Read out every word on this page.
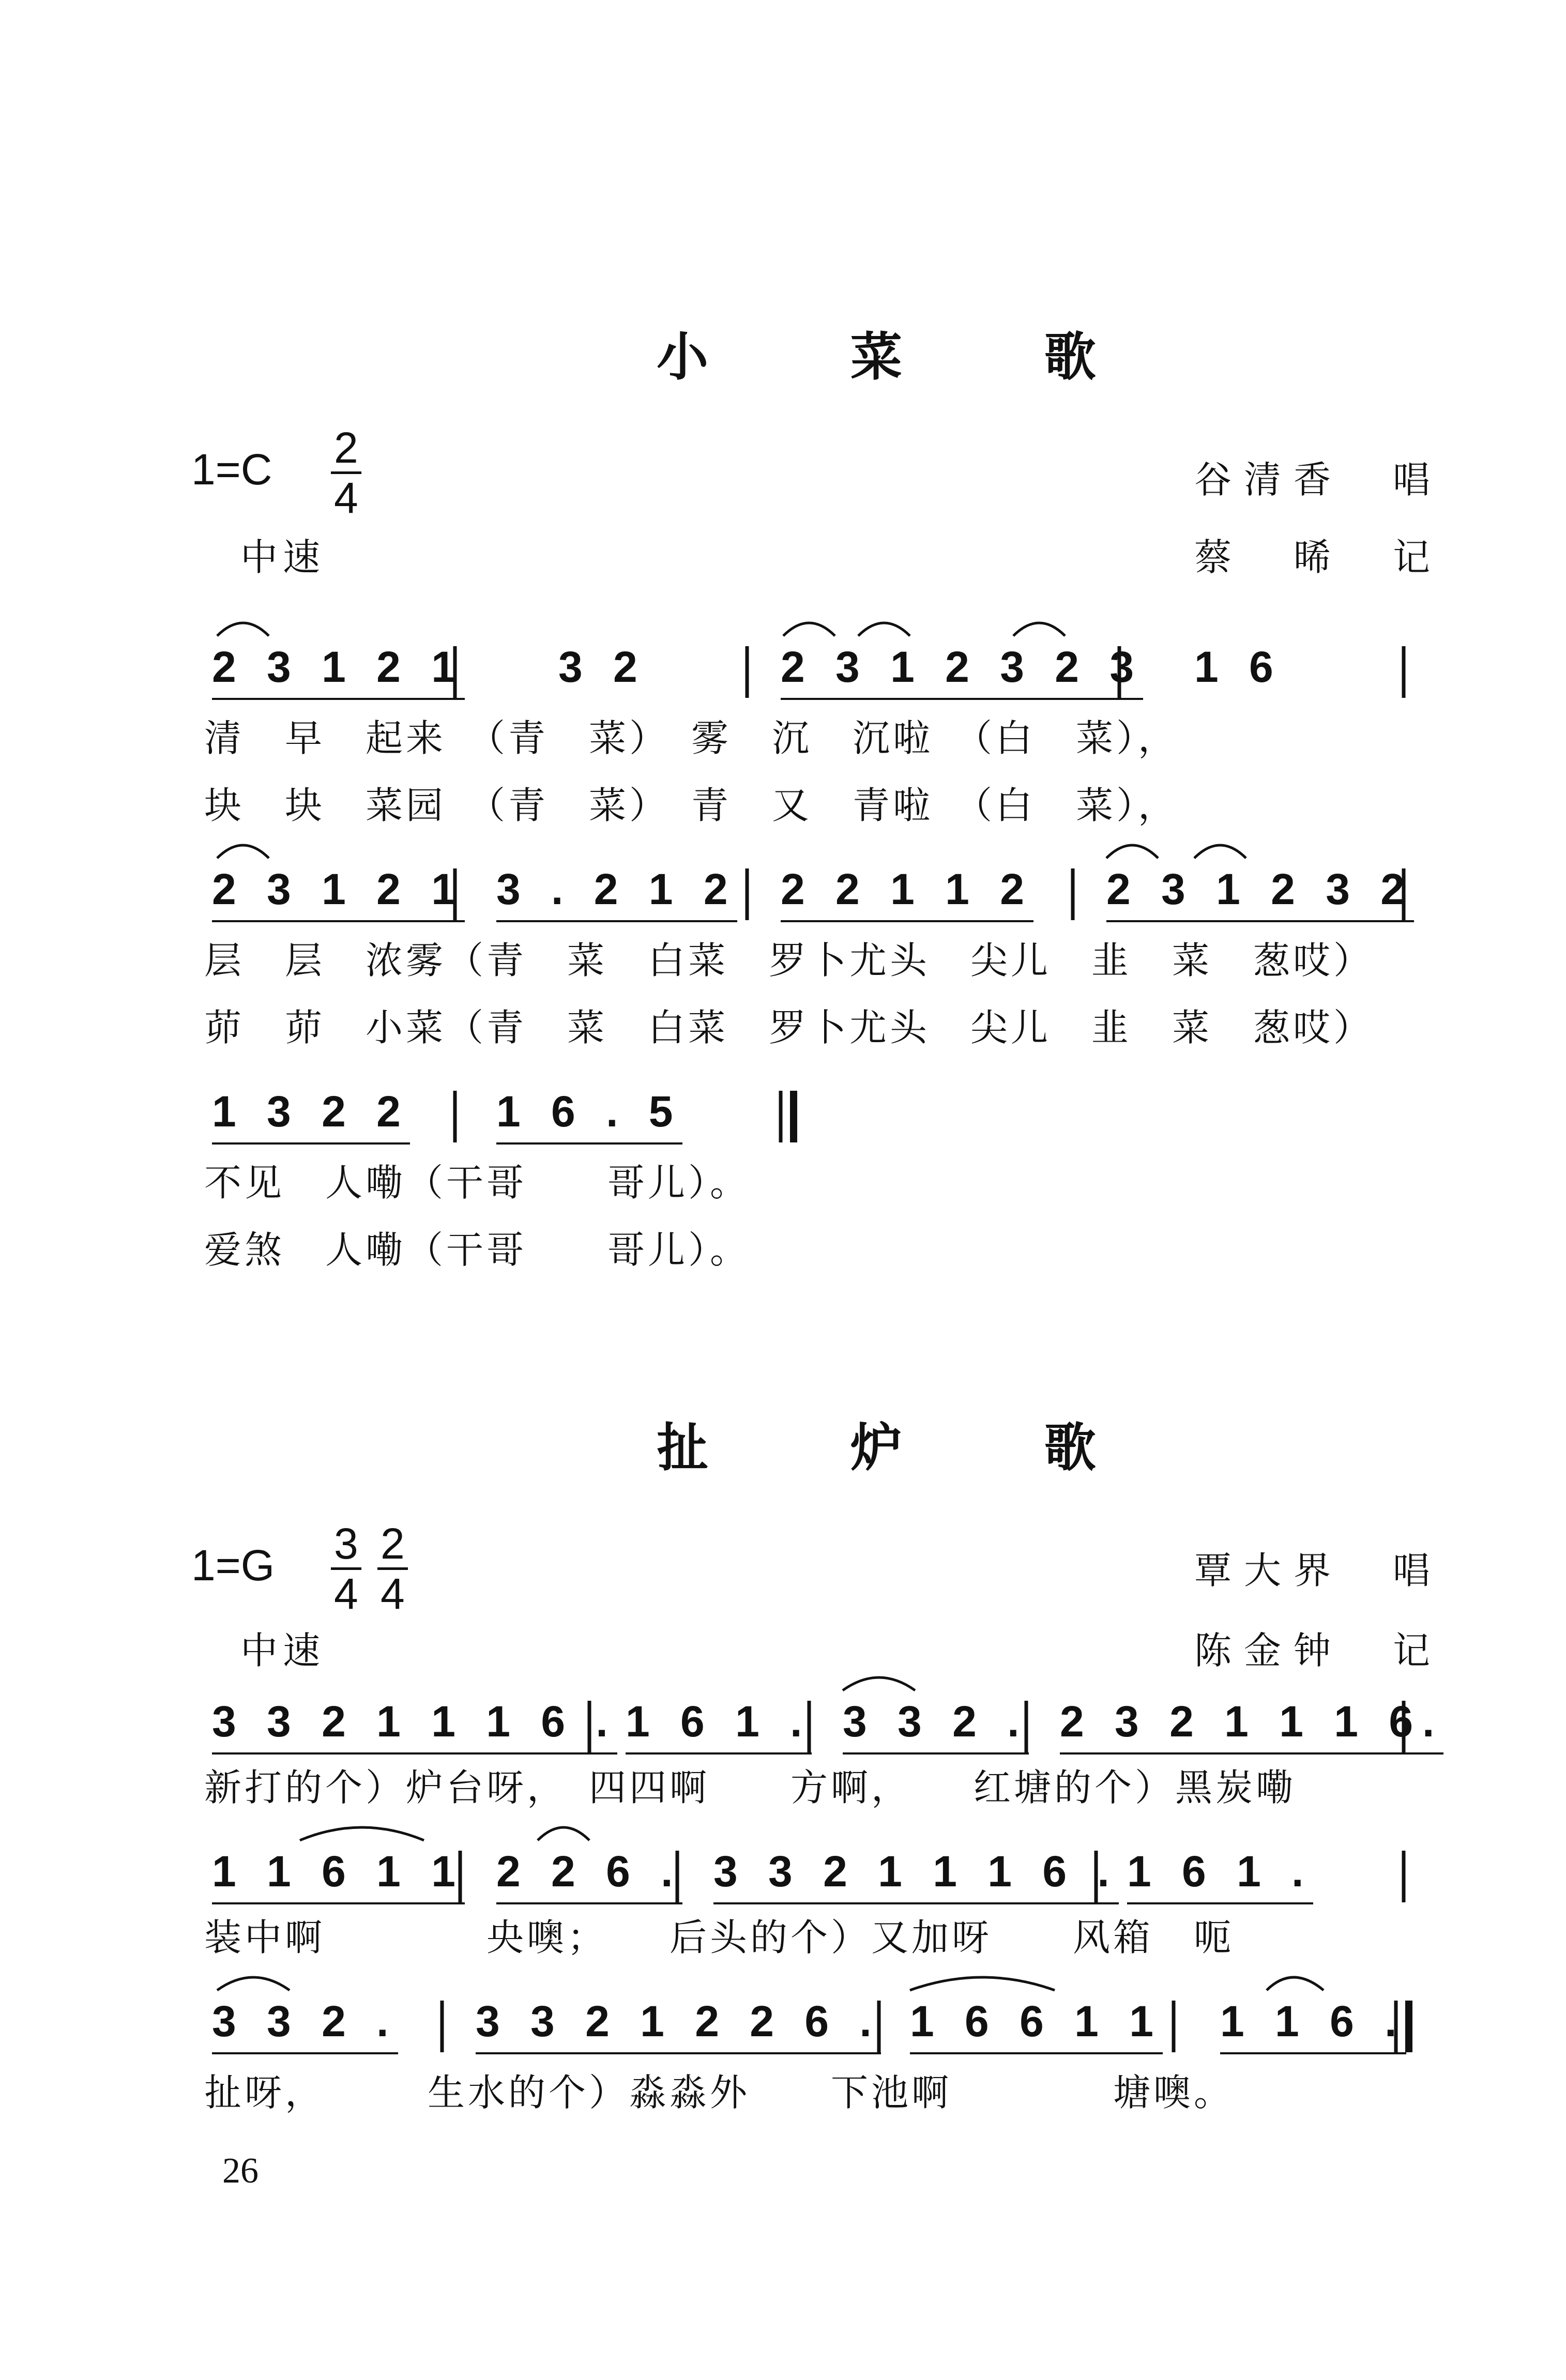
小 菜 歌
$1=C \frac{2}{4}$	谷清香　唱
中速	蔡　晞　记
2 3 1 2 1 3 2	2 3 1 2 3 2 3 1 6
清　早　起来　（青　菜）　雾　沉　沉啦　（白　菜），
块　块　菜园　（青　菜）　青　又　青啦　（白　菜），
2 3 1 2 1 3 . 2 1 2 2 2 1 1 2 2 3 1 2 3 2
层　层　浓雾（青　菜　白菜　罗卜尤头　尖儿　韭　菜　葱哎）
茆　茆　小菜（青　菜　白菜　罗卜尤头　尖儿　韭　菜　葱哎）
1 3 2 2 1 6 . 5
不见　人嘞（干哥　　哥儿）。
爱煞　人嘞（干哥　　哥儿）。
扯 炉 歌
$1=G \frac{3}{4} \frac{2}{4}$	覃大界　唱
中速	陈金钟　记
3 3 2 1 1 1 6 . 1 6 1 . 3 3 2 . 2 3 2 1 1 1 6.
新打的个）炉台呀，　四四啊　　方啊，　　红塘的个）黑炭嘞
1 1 6 1 1 2 2 6 . 3 3 2 1 1 1 6 . 1 6 1 .
装中啊　　　　央噢；　　后头的个）又加呀　　风箱　呃
3 3 2 . 3 3 2 1 2 2 6 . 1 6 6 1 1 1 1 6 .
扯呀，　　　生水的个）淼淼外　　下池啊　　　　塘噢。
26
